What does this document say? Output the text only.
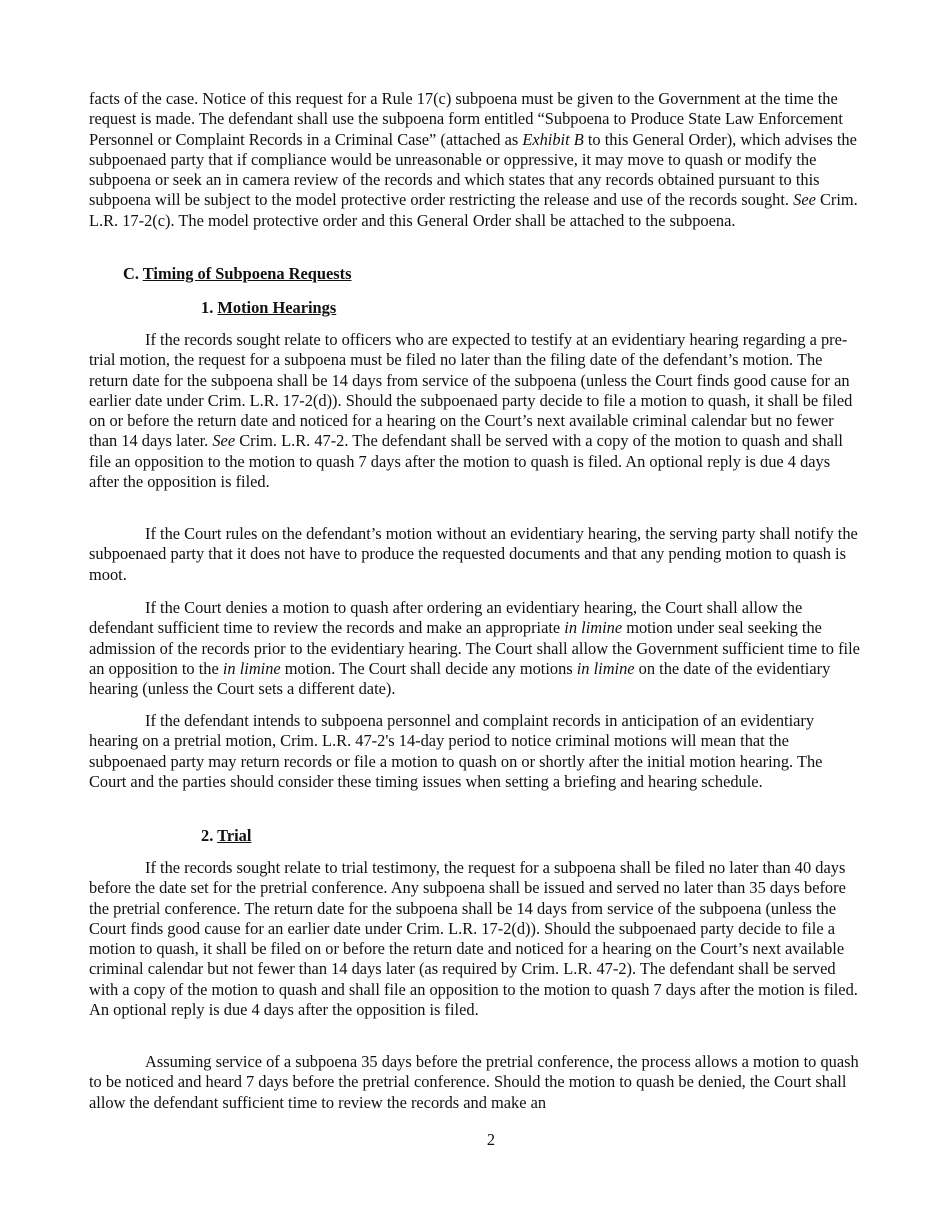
facts of the case. Notice of this request for a Rule 17(c) subpoena must be given to the Government at the time the request is made. The defendant shall use the subpoena form entitled “Subpoena to Produce State Law Enforcement Personnel or Complaint Records in a Criminal Case” (attached as Exhibit B to this General Order), which advises the subpoenaed party that if compliance would be unreasonable or oppressive, it may move to quash or modify the subpoena or seek an in camera review of the records and which states that any records obtained pursuant to this subpoena will be subject to the model protective order restricting the release and use of the records sought. See Crim. L.R. 17-2(c). The model protective order and this General Order shall be attached to the subpoena.

C. Timing of Subpoena Requests
1. Motion Hearings

If the records sought relate to officers who are expected to testify at an evidentiary hearing regarding a pre-trial motion, the request for a subpoena must be filed no later than the filing date of the defendant’s motion. The return date for the subpoena shall be 14 days from service of the subpoena (unless the Court finds good cause for an earlier date under Crim. L.R. 17-2(d)). Should the subpoenaed party decide to file a motion to quash, it shall be filed on or before the return date and noticed for a hearing on the Court’s next available criminal calendar but no fewer than 14 days later. See Crim. L.R. 47-2. The defendant shall be served with a copy of the motion to quash and shall file an opposition to the motion to quash 7 days after the motion to quash is filed. An optional reply is due 4 days after the opposition is filed.

If the Court rules on the defendant’s motion without an evidentiary hearing, the serving party shall notify the subpoenaed party that it does not have to produce the requested documents and that any pending motion to quash is moot.

If the Court denies a motion to quash after ordering an evidentiary hearing, the Court shall allow the defendant sufficient time to review the records and make an appropriate in limine motion under seal seeking the admission of the records prior to the evidentiary hearing. The Court shall allow the Government sufficient time to file an opposition to the in limine motion. The Court shall decide any motions in limine on the date of the evidentiary hearing (unless the Court sets a different date).

If the defendant intends to subpoena personnel and complaint records in anticipation of an evidentiary hearing on a pretrial motion, Crim. L.R. 47-2's 14-day period to notice criminal motions will mean that the subpoenaed party may return records or file a motion to quash on or shortly after the initial motion hearing. The Court and the parties should consider these timing issues when setting a briefing and hearing schedule.

2. Trial

If the records sought relate to trial testimony, the request for a subpoena shall be filed no later than 40 days before the date set for the pretrial conference. Any subpoena shall be issued and served no later than 35 days before the pretrial conference. The return date for the subpoena shall be 14 days from service of the subpoena (unless the Court finds good cause for an earlier date under Crim. L.R. 17-2(d)). Should the subpoenaed party decide to file a motion to quash, it shall be filed on or before the return date and noticed for a hearing on the Court’s next available criminal calendar but not fewer than 14 days later (as required by Crim. L.R. 47-2). The defendant shall be served with a copy of the motion to quash and shall file an opposition to the motion to quash 7 days after the motion is filed. An optional reply is due 4 days after the opposition is filed.

Assuming service of a subpoena 35 days before the pretrial conference, the process allows a motion to quash to be noticed and heard 7 days before the pretrial conference. Should the motion to quash be denied, the Court shall allow the defendant sufficient time to review the records and make an

2
